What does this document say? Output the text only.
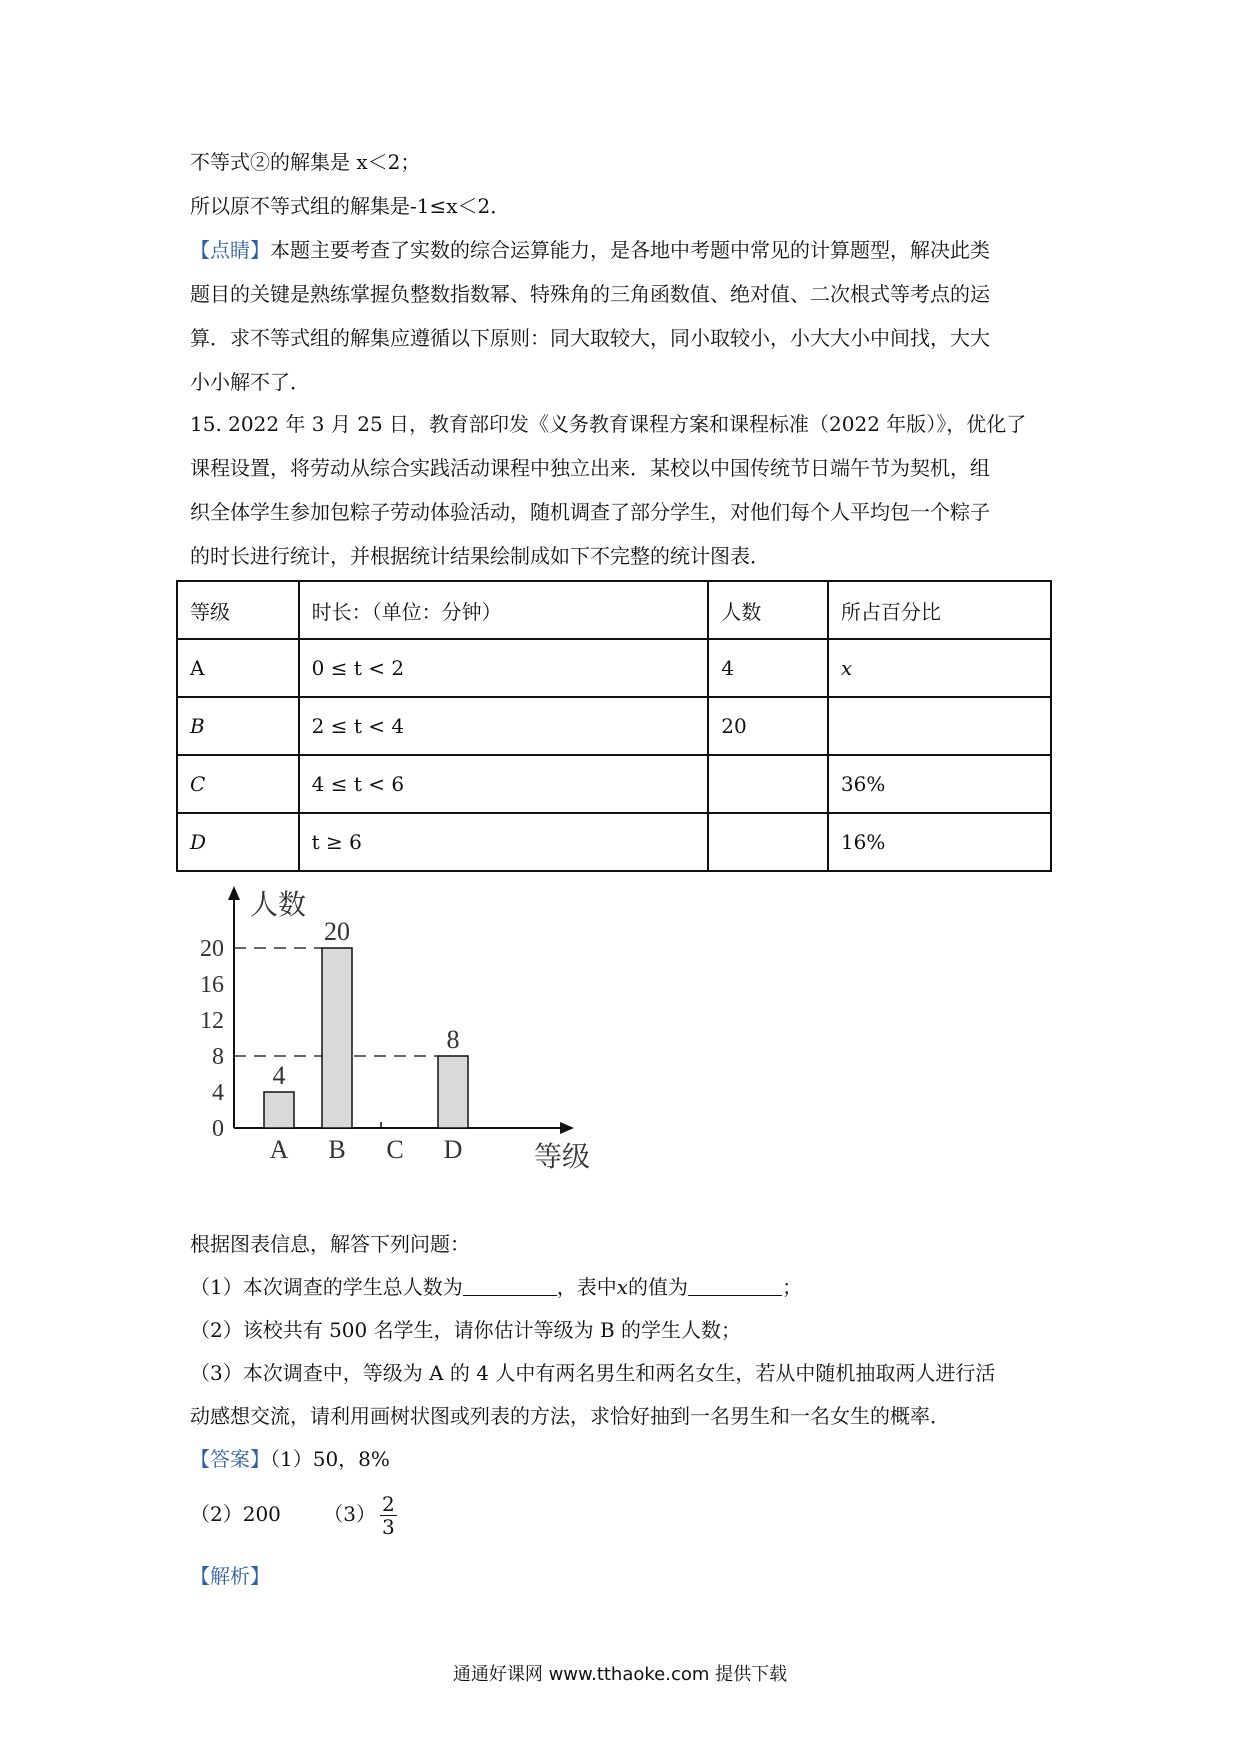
不等式②的解集是 x＜2；
所以原不等式组的解集是-1≤x＜2．
【点睛】本题主要考查了实数的综合运算能力，是各地中考题中常见的计算题型，解决此类
题目的关键是熟练掌握负整数指数幂、特殊角的三角函数值、绝对值、二次根式等考点的运
算．求不等式组的解集应遵循以下原则：同大取较大，同小取较小，小大大小中间找，大大
小小解不了．
15. 2022 年 3 月 25 日，教育部印发《义务教育课程方案和课程标准（2022 年版）》，优化了
课程设置，将劳动从综合实践活动课程中独立出来．某校以中国传统节日端午节为契机，组
织全体学生参加包粽子劳动体验活动，随机调查了部分学生，对他们每个人平均包一个粽子
的时长进行统计，并根据统计结果绘制成如下不完整的统计图表．
等级	时长：（单位：分钟）	人数	所占百分比
A	0 ≤ t < 2	4	x
B	2 ≤ t < 4	20	
C	4 ≤ t < 6		36%
D	t ≥ 6		16%
人数
等级
0
4
8
12
16
20
4
A
20
B C
8
D
根据图表信息，解答下列问题：
（1）本次调查的学生总人数为	，表中x的值为	；
（2）该校共有 500 名学生，请你估计等级为 B 的学生人数；
（3）本次调查中，等级为 A 的 4 人中有两名男生和两名女生，若从中随机抽取两人进行活
动感想交流，请利用画树状图或列表的方法，求恰好抽到一名男生和一名女生的概率．
【答案】（1）50，8%
（2）200 $(3) \frac{2}{3}$
【解析】
通通好课网 www.tthaoke.com 提供下载
